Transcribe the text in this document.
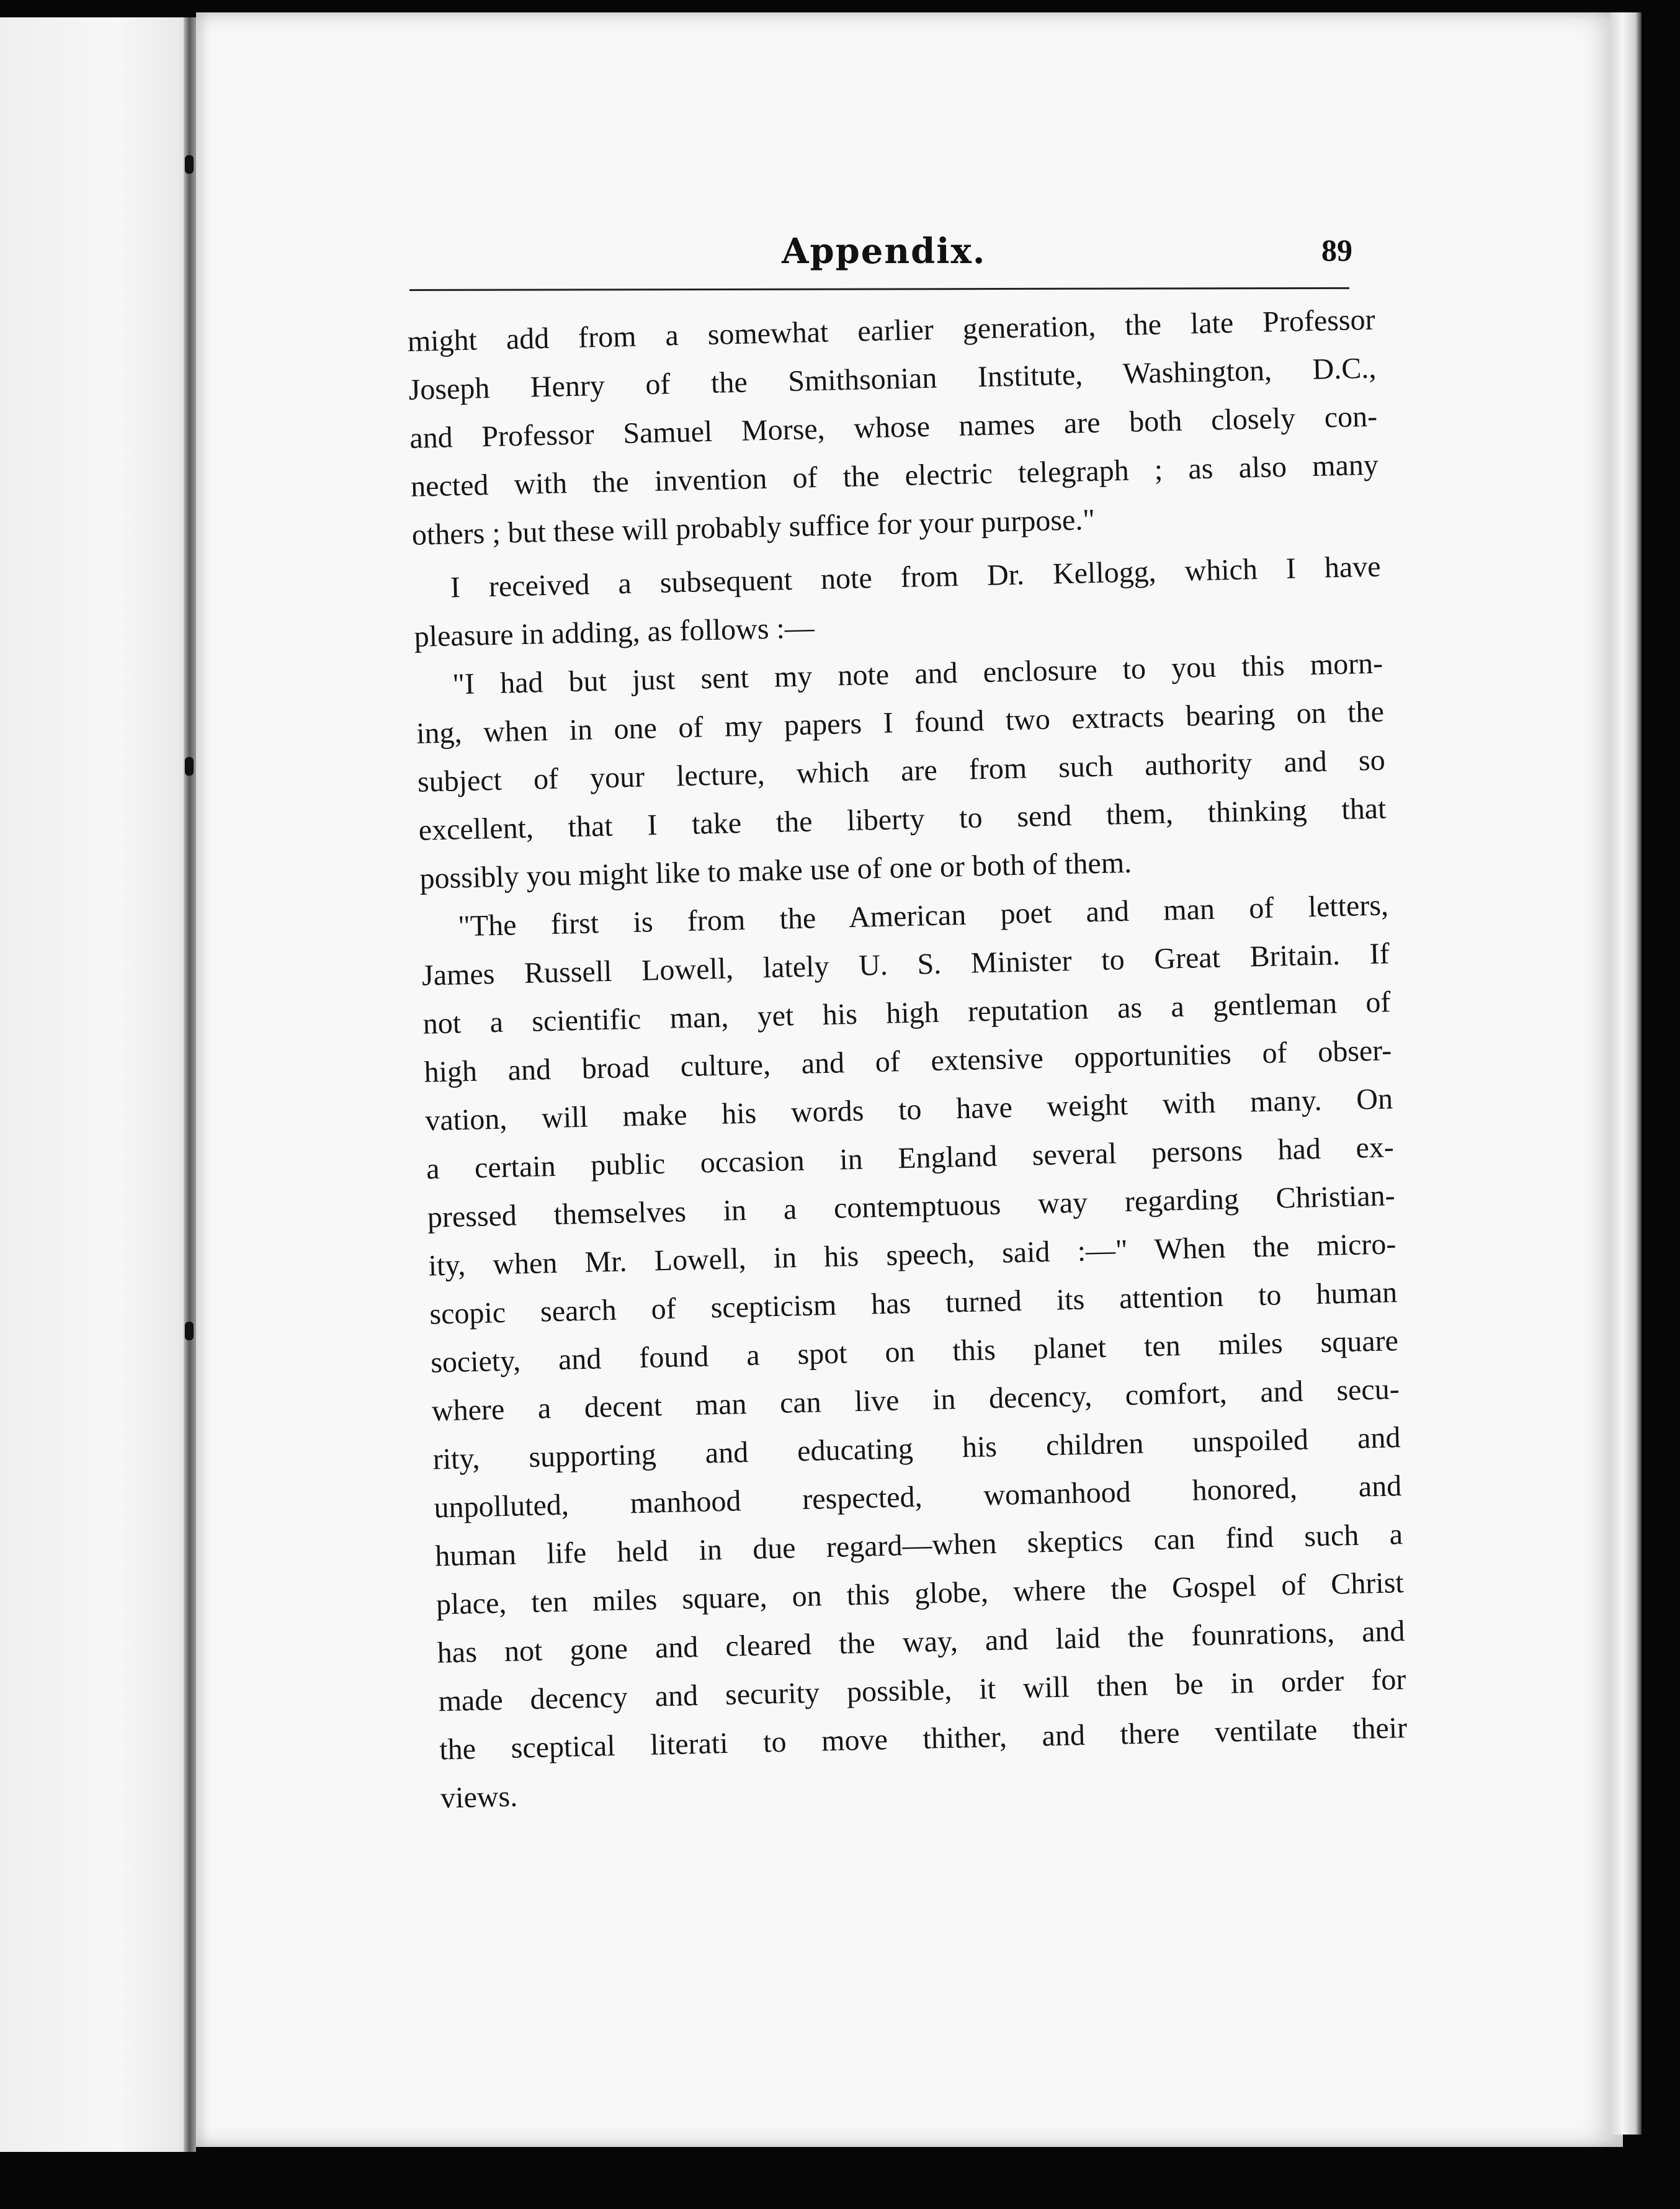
Appendix.	89
might add from a somewhat earlier generation, the late Professor
Joseph Henry of the Smithsonian Institute, Washington, D.C.,
and Professor Samuel Morse, whose names are both closely con-
nected with the invention of the electric telegraph ; as also many
others ; but these will probably suffice for your purpose."
I received a subsequent note from Dr. Kellogg, which I have
pleasure in adding, as follows :—
"I had but just sent my note and enclosure to you this morn-
ing, when in one of my papers I found two extracts bearing on the
subject of your lecture, which are from such authority and so
excellent, that I take the liberty to send them, thinking that
possibly you might like to make use of one or both of them.
"The first is from the American poet and man of letters,
James Russell Lowell, lately U. S. Minister to Great Britain. If
not a scientific man, yet his high reputation as a gentleman of
high and broad culture, and of extensive opportunities of obser-
vation, will make his words to have weight with many. On
a certain public occasion in England several persons had ex-
pressed themselves in a contemptuous way regarding Christian-
ity, when Mr. Lowell, in his speech, said :—" When the micro-
scopic search of scepticism has turned its attention to human
society, and found a spot on this planet ten miles square
where a decent man can live in decency, comfort, and secu-
rity, supporting and educating his children unspoiled and
unpolluted, manhood respected, womanhood honored, and
human life held in due regard—when skeptics can find such a
place, ten miles square, on this globe, where the Gospel of Christ
has not gone and cleared the way, and laid the founrations, and
made decency and security possible, it will then be in order for
the sceptical literati to move thither, and there ventilate their
views.
